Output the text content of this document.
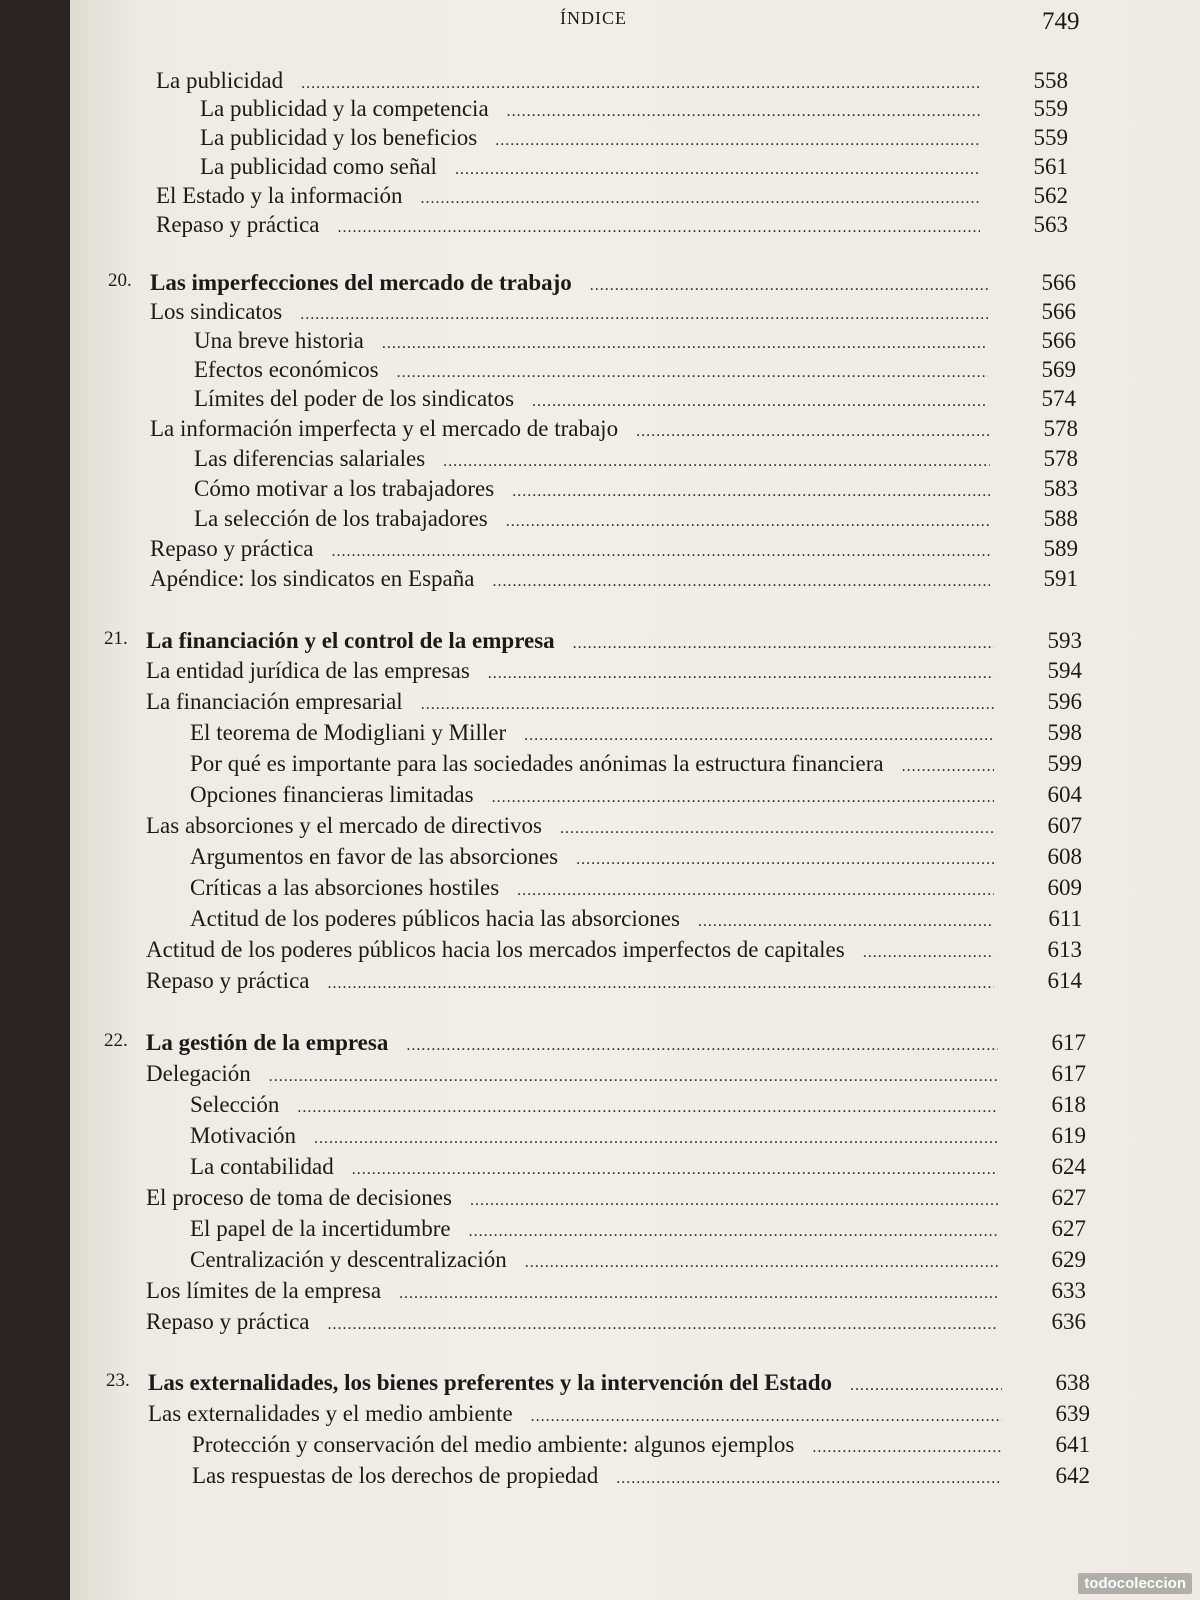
ÍNDICE	749
La publicidad .....	558
La publicidad y la competencia .....	559
La publicidad y los beneficios .....	559
La publicidad como señal .....	561
El Estado y la información .....	562
Repaso y práctica .....	563
20. Las imperfecciones del mercado de trabajo .....	566
Los sindicatos .....	566
Una breve historia .....	566
Efectos económicos .....	569
Límites del poder de los sindicatos .....	574
La información imperfecta y el mercado de trabajo .....	578
Las diferencias salariales .....	578
Cómo motivar a los trabajadores .....	583
La selección de los trabajadores .....	588
Repaso y práctica .....	589
Apéndice: los sindicatos en España .....	591
21. La financiación y el control de la empresa .....	593
La entidad jurídica de las empresas .....	594
La financiación empresarial .....	596
El teorema de Modigliani y Miller .....	598
Por qué es importante para las sociedades anónimas la estructura financiera .....	599
Opciones financieras limitadas .....	604
Las absorciones y el mercado de directivos .....	607
Argumentos en favor de las absorciones .....	608
Críticas a las absorciones hostiles .....	609
Actitud de los poderes públicos hacia las absorciones .....	611
Actitud de los poderes públicos hacia los mercados imperfectos de capitales .....	613
Repaso y práctica .....	614
22. La gestión de la empresa .....	617
Delegación .....	617
Selección .....	618
Motivación .....	619
La contabilidad .....	624
El proceso de toma de decisiones .....	627
El papel de la incertidumbre .....	627
Centralización y descentralización .....	629
Los límites de la empresa .....	633
Repaso y práctica .....	636
23. Las externalidades, los bienes preferentes y la intervención del Estado .....	638
Las externalidades y el medio ambiente .....	639
Protección y conservación del medio ambiente: algunos ejemplos .....	641
Las respuestas de los derechos de propiedad .....	642
todocoleccion
